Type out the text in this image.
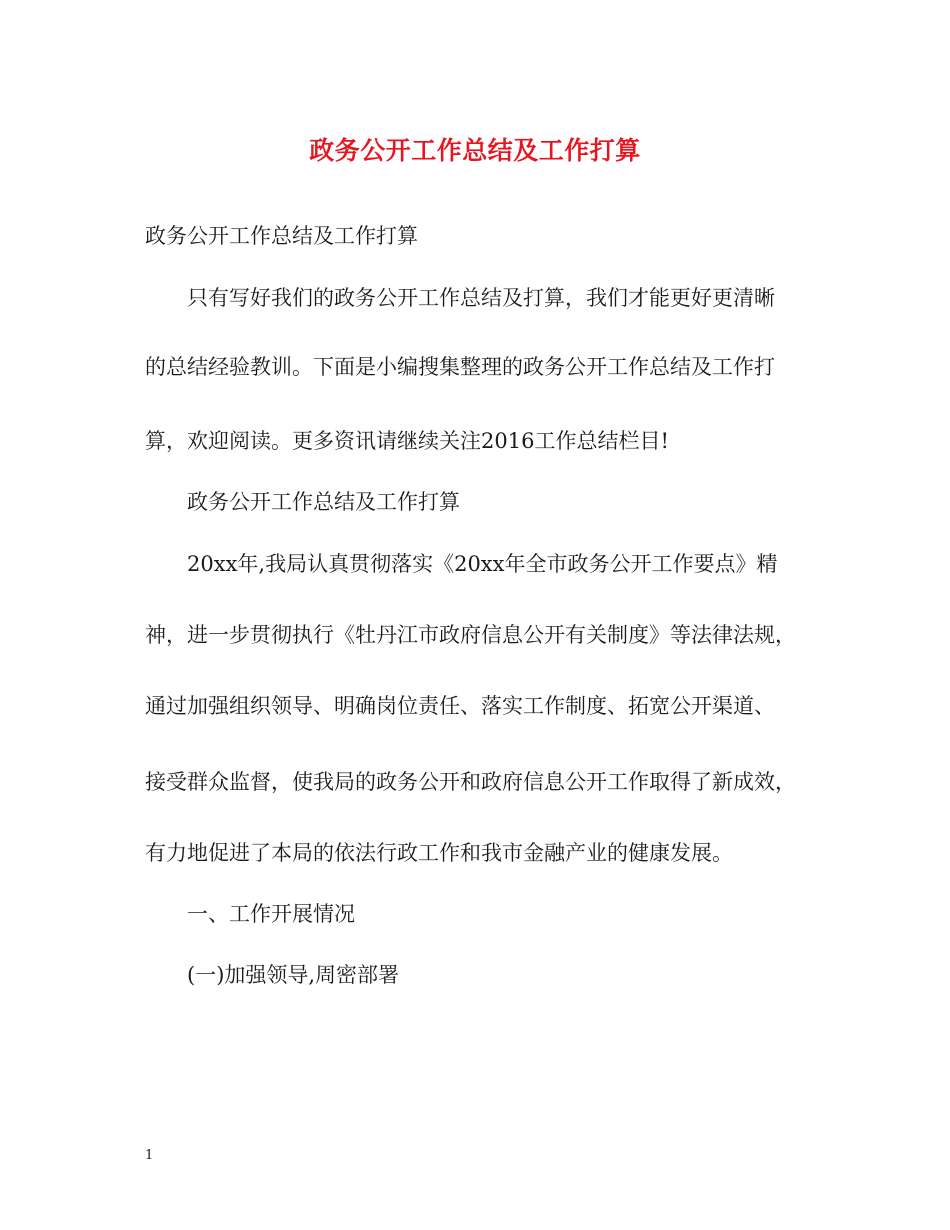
政务公开工作总结及工作打算
政务公开工作总结及工作打算
只有写好我们的政务公开工作总结及打算，我们才能更好更清晰
的总结经验教训。下面是小编搜集整理的政务公开工作总结及工作打
算，欢迎阅读。更多资讯请继续关注2016工作总结栏目!
政务公开工作总结及工作打算
20xx年,我局认真贯彻落实《20xx年全市政务公开工作要点》精
神，进一步贯彻执行《牡丹江市政府信息公开有关制度》等法律法规，
通过加强组织领导、明确岗位责任、落实工作制度、拓宽公开渠道、
接受群众监督，使我局的政务公开和政府信息公开工作取得了新成效，
有力地促进了本局的依法行政工作和我市金融产业的健康发展。
一、工作开展情况
(一)加强领导,周密部署
1
